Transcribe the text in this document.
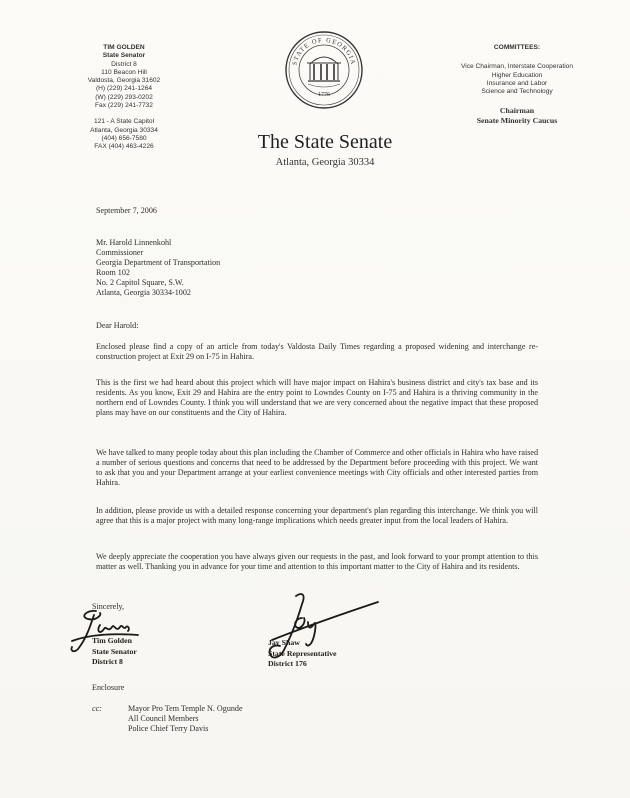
TIM GOLDEN
State Senator
District 8
110 Beacon Hill
Valdosta, Georgia 31602
(H) (229) 241-1264
(W) (229) 293-0202
Fax (229) 241-7732
121 - A State Capitol
Atlanta, Georgia 30334
(404) 656-7580
FAX (404) 463-4226
STATE OF GEORGIA
1776
The State Senate
Atlanta, Georgia 30334
COMMITTEES:
Vice Chairman, Interstate Cooperation
Higher Education
Insurance and Labor
Science and Technology
Chairman
Senate Minority Caucus
September 7, 2006
Mr. Harold Linnenkohl
Commissioner
Georgia Department of Transportation
Room 102
No. 2 Capitol Square, S.W.
Atlanta, Georgia 30334-1002
Dear Harold:
Enclosed please find a copy of an article from today's Valdosta Daily Times regarding a proposed widening and interchange re-construction project at Exit 29 on I-75 in Hahira.
This is the first we had heard about this project which will have major impact on Hahira's business district and city's tax base and its residents. As you know, Exit 29 and Hahira are the entry point to Lowndes County on I-75 and Hahira is a thriving community in the northern end of Lowndes County. I think you will understand that we are very concerned about the negative impact that these proposed plans may have on our constituents and the City of Hahira.
We have talked to many people today about this plan including the Chamber of Commerce and other officials in Hahira who have raised a number of serious questions and concerns that need to be addressed by the Department before proceeding with this project. We want to ask that you and your Department arrange at your earliest convenience meetings with City officials and other interested parties from Hahira.
In addition, please provide us with a detailed response concerning your department's plan regarding this interchange. We think you will agree that this is a major project with many long-range implications which needs greater input from the local leaders of Hahira.
We deeply appreciate the cooperation you have always given our requests in the past, and look forward to your prompt attention to this matter as well. Thanking you in advance for your time and attention to this important matter to the City of Hahira and its residents.
Sincerely,
Tim Golden
State Senator
District 8
Jay Shaw
State Representative
District 176
Enclosure
cc:	Mayor Pro Tem Temple N. Ogunde
All Council Members
Police Chief Terry Davis
